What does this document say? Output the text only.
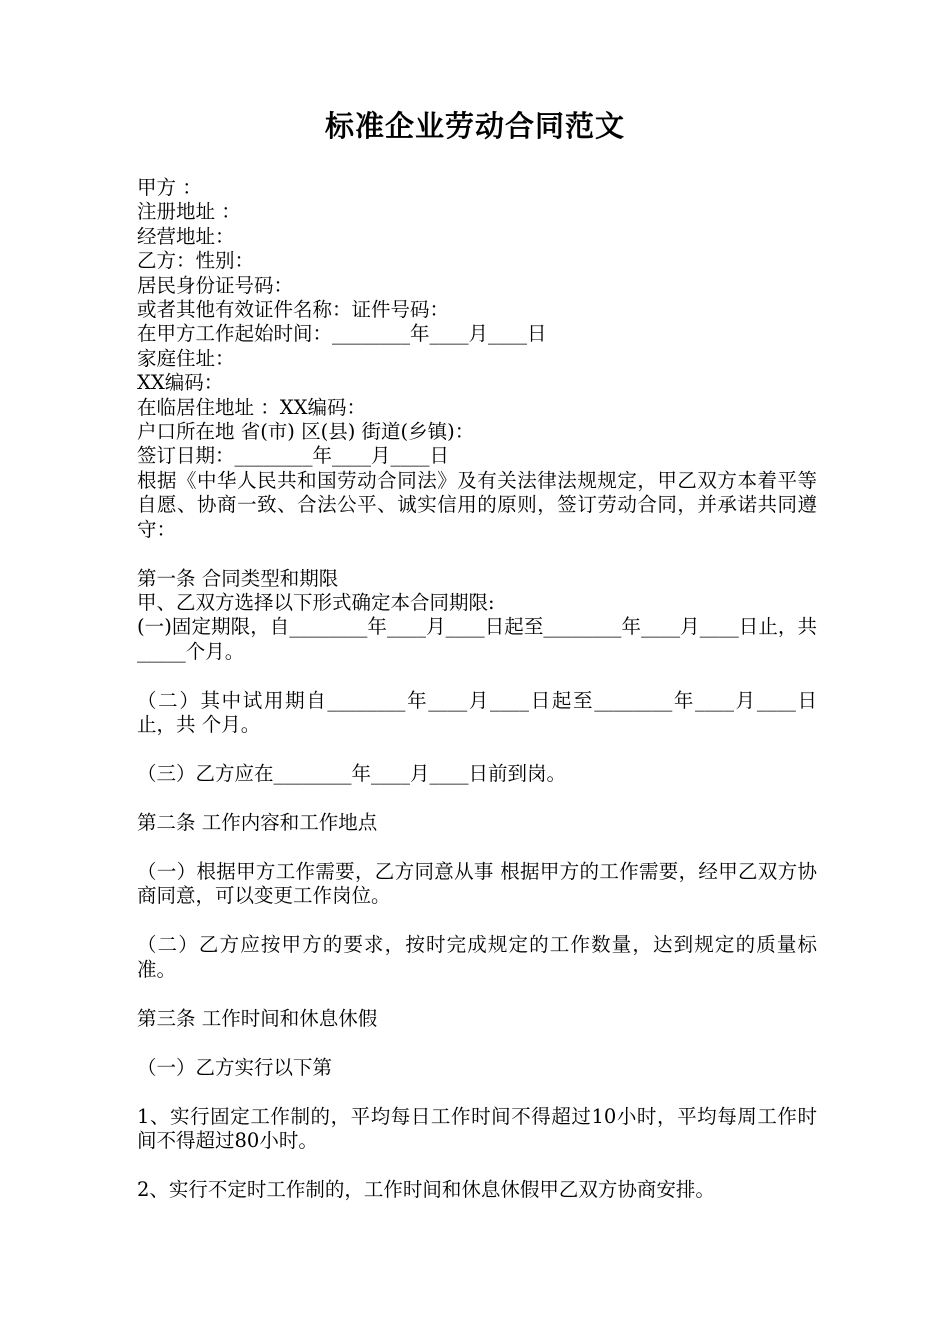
标准企业劳动合同范文
甲方 ：
注册地址 ：
经营地址：
乙方：性别：
居民身份证号码：
或者其他有效证件名称：证件号码：
在甲方工作起始时间：________年____月____日
家庭住址：
XX编码：
在临居住地址 ：XX编码：
户口所在地 省(市) 区(县) 街道(乡镇)：
签订日期：________年____月____日
根据《中华人民共和国劳动合同法》及有关法律法规规定，甲乙双方本着平等自愿、协商一致、合法公平、诚实信用的原则，签订劳动合同，并承诺共同遵守：
第一条 合同类型和期限
甲、乙双方选择以下形式确定本合同期限:
(一)固定期限，自________年____月____日起至________年____月____日止，共_____个月。
（二）其中试用期自________年____月____日起至________年____月____日止，共 个月。
（三）乙方应在________年____月____日前到岗。
第二条 工作内容和工作地点
（一）根据甲方工作需要，乙方同意从事 根据甲方的工作需要，经甲乙双方协商同意，可以变更工作岗位。
（二）乙方应按甲方的要求，按时完成规定的工作数量，达到规定的质量标准。
第三条 工作时间和休息休假
（一）乙方实行以下第
1、实行固定工作制的，平均每日工作时间不得超过10小时，平均每周工作时间不得超过80小时。
2、实行不定时工作制的，工作时间和休息休假甲乙双方协商安排。
